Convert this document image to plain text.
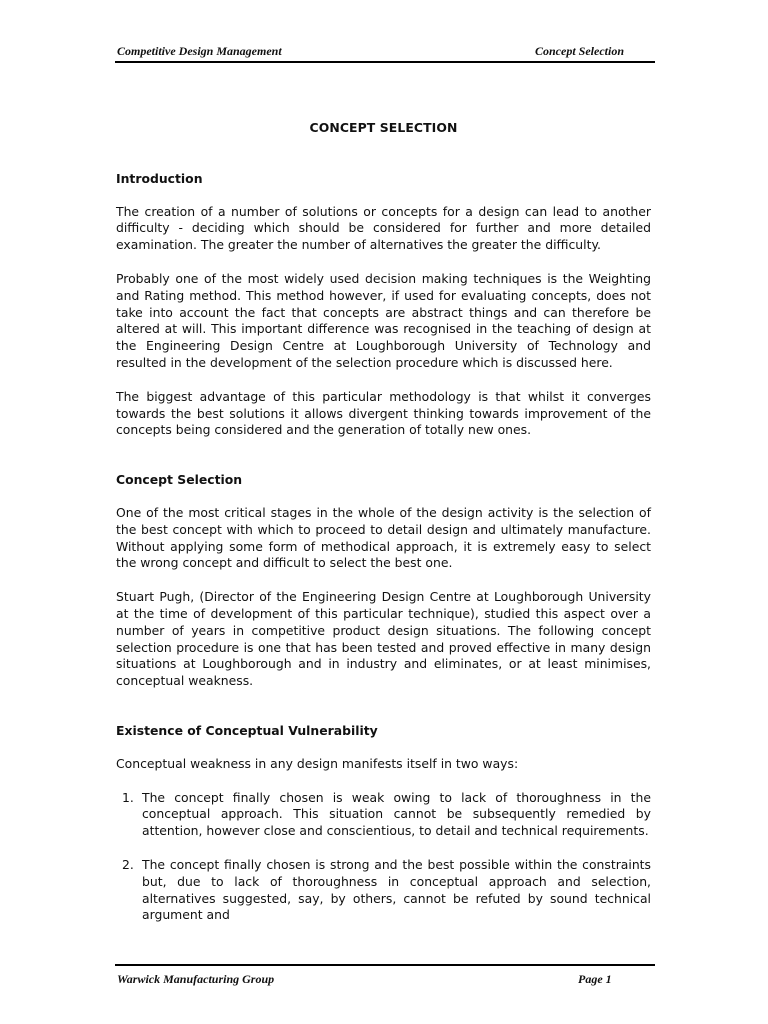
Competitive Design Management	Concept Selection
CONCEPT SELECTION
Introduction

The creation of a number of solutions or concepts for a design can lead to another difficulty - deciding which should be considered for further and more detailed examination. The greater the number of alternatives the greater the difficulty.

Probably one of the most widely used decision making techniques is the Weighting and Rating method. This method however, if used for evaluating concepts, does not take into account the fact that concepts are abstract things and can therefore be altered at will. This important difference was recognised in the teaching of design at the Engineering Design Centre at Loughborough University of Technology and resulted in the development of the selection procedure which is discussed here.

The biggest advantage of this particular methodology is that whilst it converges towards the best solutions it allows divergent thinking towards improvement of the concepts being considered and the generation of totally new ones.

Concept Selection

One of the most critical stages in the whole of the design activity is the selection of the best concept with which to proceed to detail design and ultimately manufacture. Without applying some form of methodical approach, it is extremely easy to select the wrong concept and difficult to select the best one.

Stuart Pugh, (Director of the Engineering Design Centre at Loughborough University at the time of development of this particular technique), studied this aspect over a number of years in competitive product design situations. The following concept selection procedure is one that has been tested and proved effective in many design situations at Loughborough and in industry and eliminates, or at least minimises, conceptual weakness.

Existence of Conceptual Vulnerability

Conceptual weakness in any design manifests itself in two ways:

1. The concept finally chosen is weak owing to lack of thoroughness in the conceptual approach. This situation cannot be subsequently remedied by attention, however close and conscientious, to detail and technical requirements.
2. The concept finally chosen is strong and the best possible within the constraints but, due to lack of thoroughness in conceptual approach and selection, alternatives suggested, say, by others, cannot be refuted by sound technical argument and
Warwick Manufacturing Group	Page 1
